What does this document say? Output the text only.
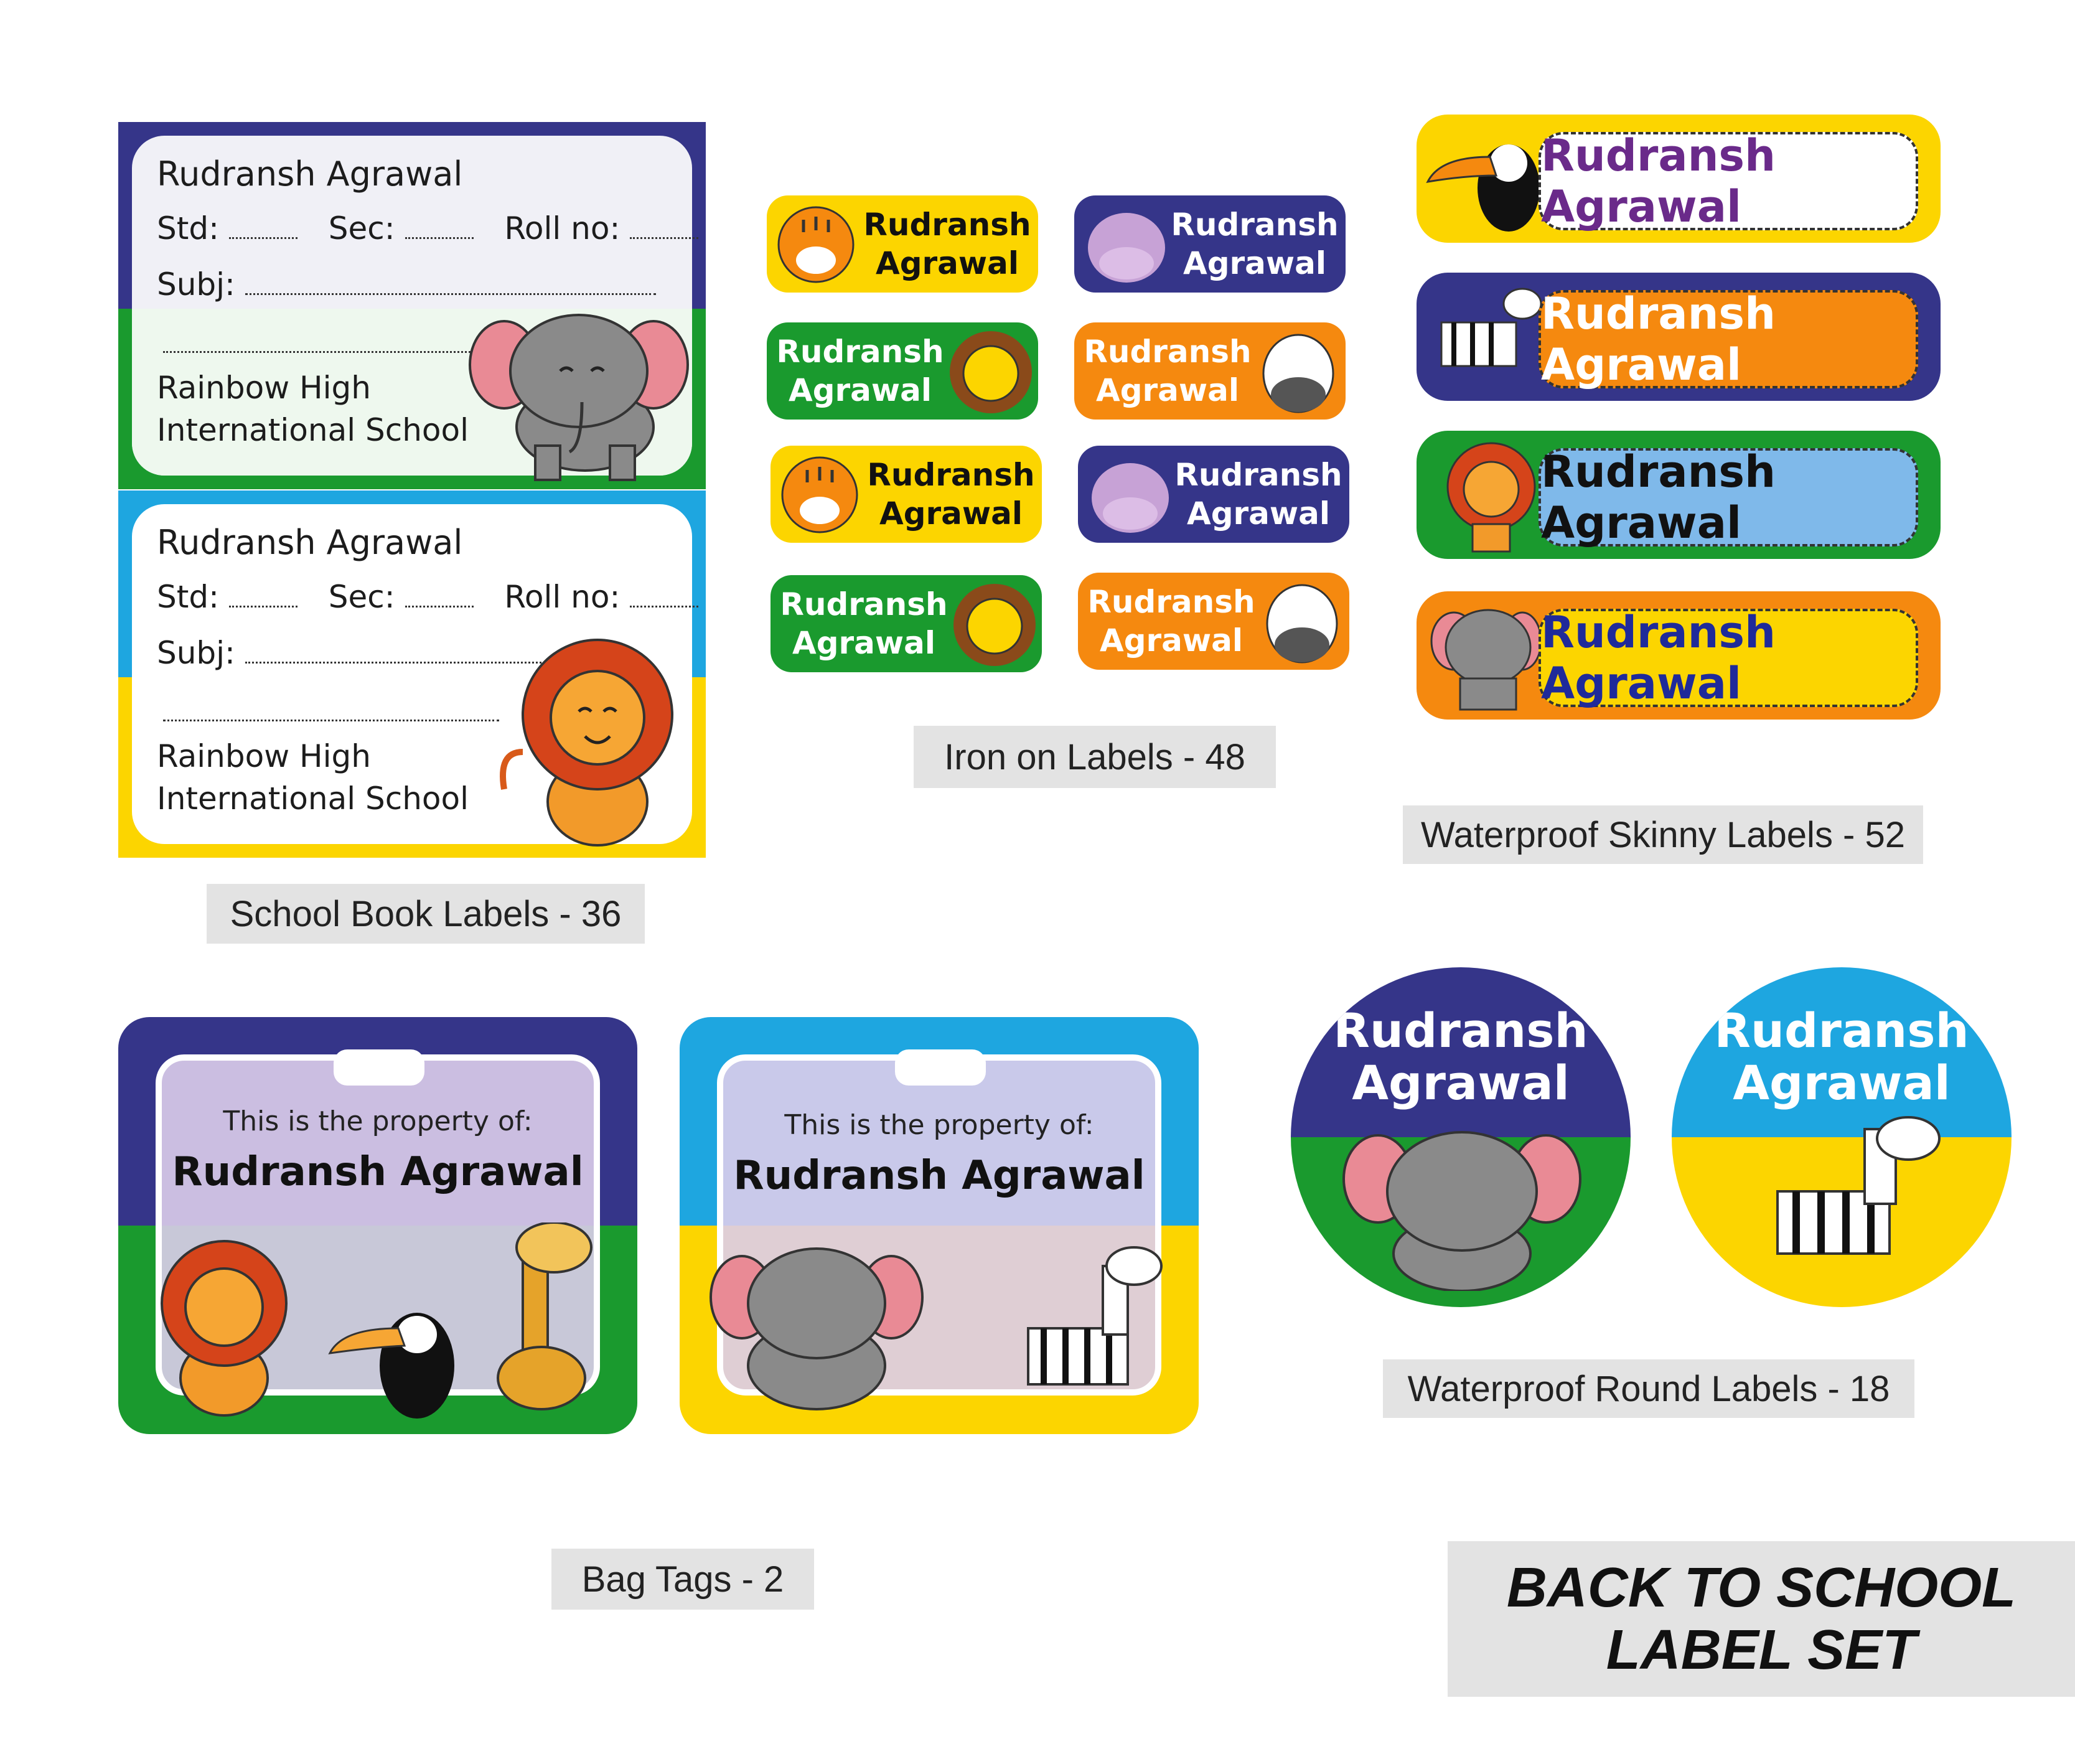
Rudransh Agrawal
Std:	Sec:	Roll no:
Subj:
Rainbow High
International School
Rudransh Agrawal
Std:	Sec:	Roll no:
Subj:
Rainbow High
International School
School Book Labels - 36
Rudransh
Agrawal
Rudransh
Agrawal
Rudransh
Agrawal
Rudransh
Agrawal
Rudransh
Agrawal
Rudransh
Agrawal
Rudransh
Agrawal
Rudransh
Agrawal
Iron on Labels - 48
Rudransh Agrawal
Rudransh Agrawal
Rudransh Agrawal
Rudransh Agrawal
Waterproof Skinny Labels - 52
This is the property of:
Rudransh Agrawal
This is the property of:
Rudransh Agrawal
Bag Tags - 2
Rudransh
Agrawal
Rudransh
Agrawal
Waterproof Round Labels - 18
BACK TO SCHOOL
LABEL SET
